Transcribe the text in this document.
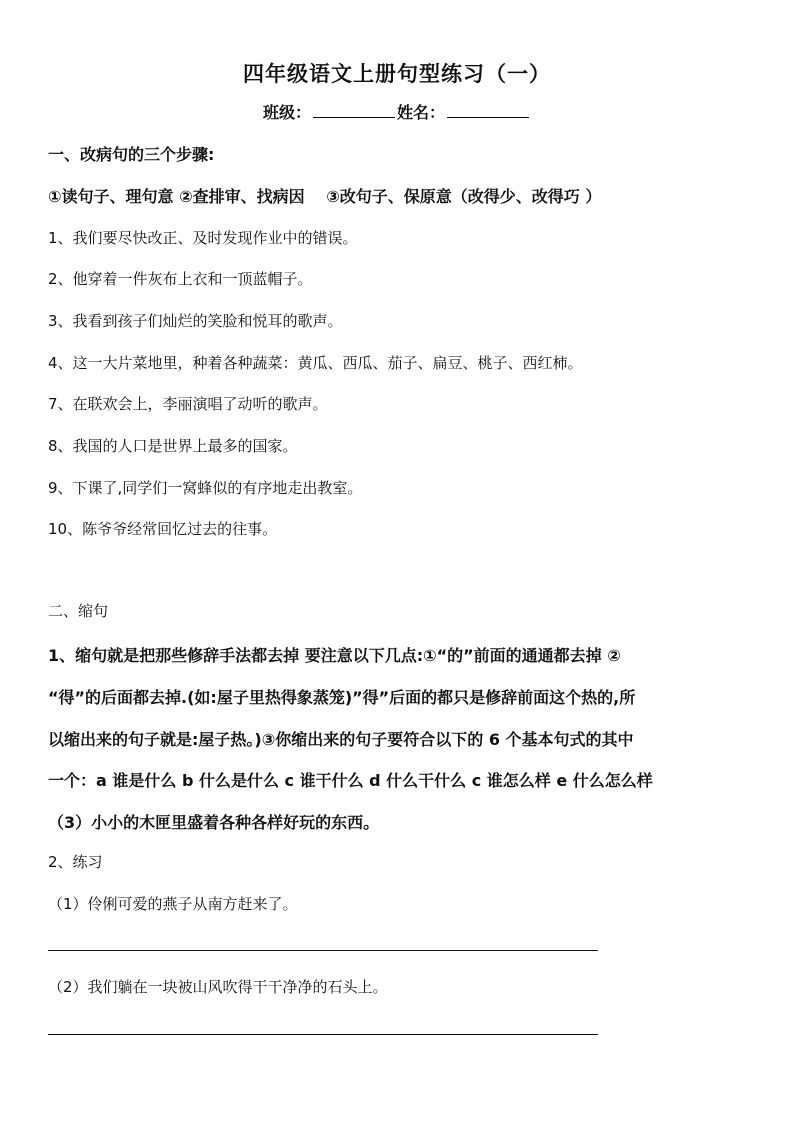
四年级语文上册句型练习（一）
班级：	姓名：
一、改病句的三个步骤:
①读句子、理句意 ②查排审、找病因　 ③改句子、保原意（改得少、改得巧 ）
1、我们要尽快改正、及时发现作业中的错误。
2、他穿着一件灰布上衣和一顶蓝帽子。
3、我看到孩子们灿烂的笑脸和悦耳的歌声。
4、这一大片菜地里，种着各种蔬菜：黄瓜、西瓜、茄子、扁豆、桃子、西红柿。
7、在联欢会上，李丽演唱了动听的歌声。
8、我国的人口是世界上最多的国家。
9、下课了,同学们一窝蜂似的有序地走出教室。
10、陈爷爷经常回忆过去的往事。
二、缩句
1、缩句就是把那些修辞手法都去掉 要注意以下几点:①“的”前面的通通都去掉 ②
“得”的后面都去掉.(如:屋子里热得象蒸笼)”得”后面的都只是修辞前面这个热的,所
以缩出来的句子就是:屋子热。)③你缩出来的句子要符合以下的 6 个基本句式的其中
一个：a 谁是什么 b 什么是什么 c 谁干什么 d 什么干什么 c 谁怎么样 e 什么怎么样
（3）小小的木匣里盛着各种各样好玩的东西。
2、练习
（1）伶俐可爱的燕子从南方赶来了。
（2）我们躺在一块被山风吹得干干净净的石头上。
